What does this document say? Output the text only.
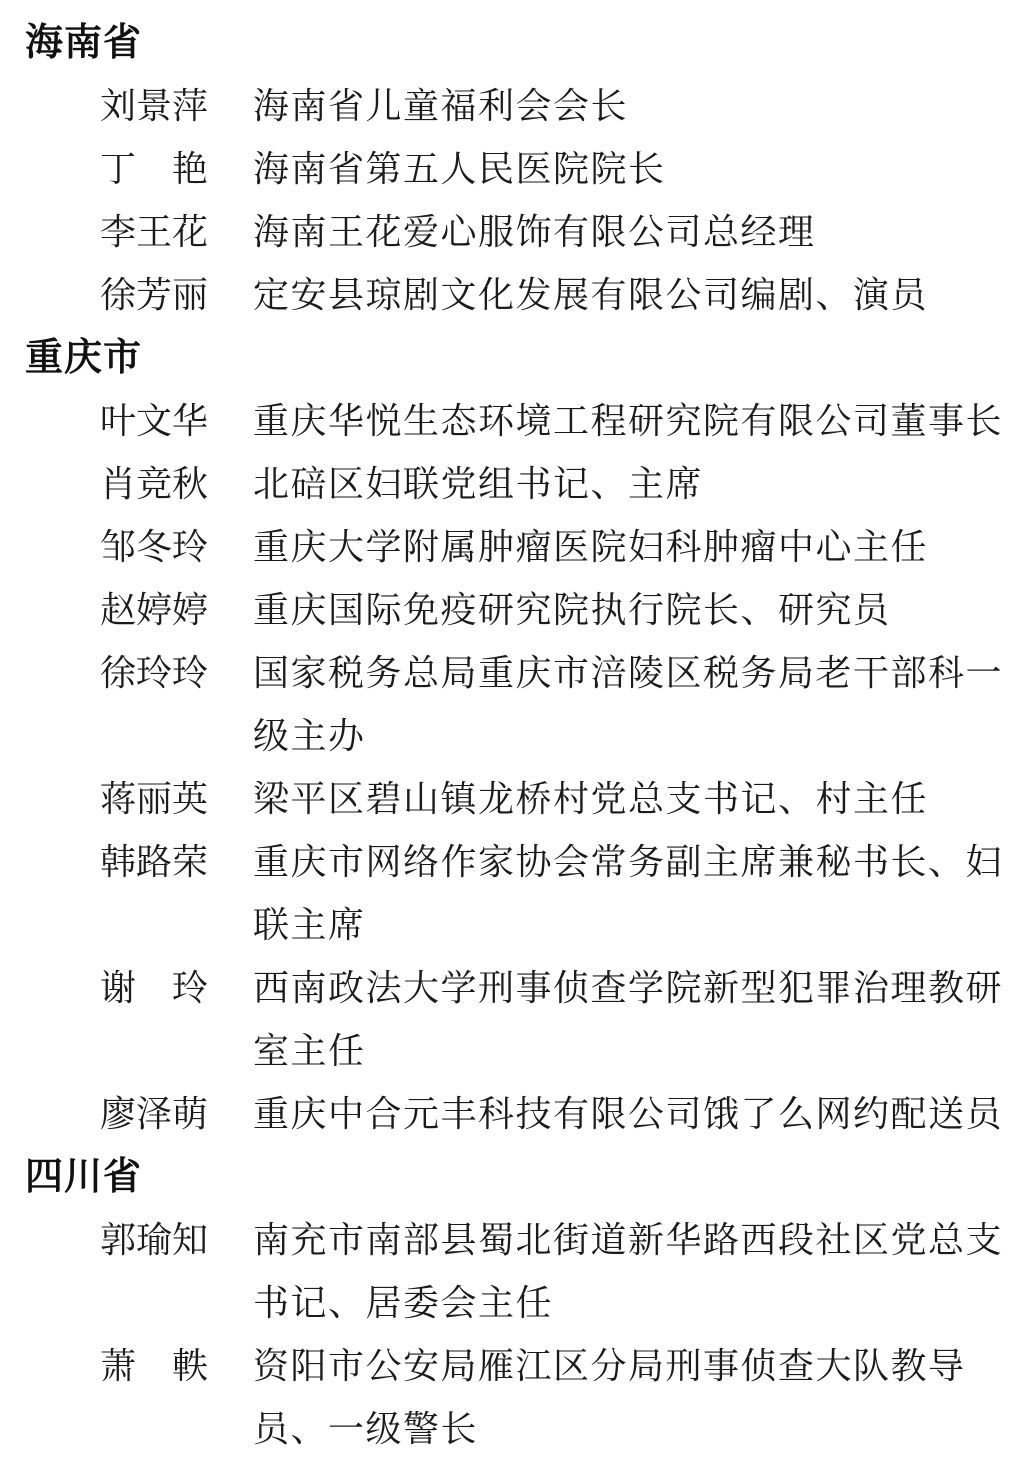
海南省
刘景萍	海南省儿童福利会会长
丁　艳	海南省第五人民医院院长
李王花	海南王花爱心服饰有限公司总经理
徐芳丽	定安县琼剧文化发展有限公司编剧、演员
重庆市
叶文华	重庆华悦生态环境工程研究院有限公司董事长
肖竞秋	北碚区妇联党组书记、主席
邹冬玲	重庆大学附属肿瘤医院妇科肿瘤中心主任
赵婷婷	重庆国际免疫研究院执行院长、研究员
徐玲玲	国家税务总局重庆市涪陵区税务局老干部科一级主办
蒋丽英	梁平区碧山镇龙桥村党总支书记、村主任
韩路荣	重庆市网络作家协会常务副主席兼秘书长、妇联主席
谢　玲	西南政法大学刑事侦查学院新型犯罪治理教研室主任
廖泽萌	重庆中合元丰科技有限公司饿了么网约配送员
四川省
郭瑜知	南充市南部县蜀北街道新华路西段社区党总支书记、居委会主任
萧　軼	资阳市公安局雁江区分局刑事侦查大队教导员、一级警长
